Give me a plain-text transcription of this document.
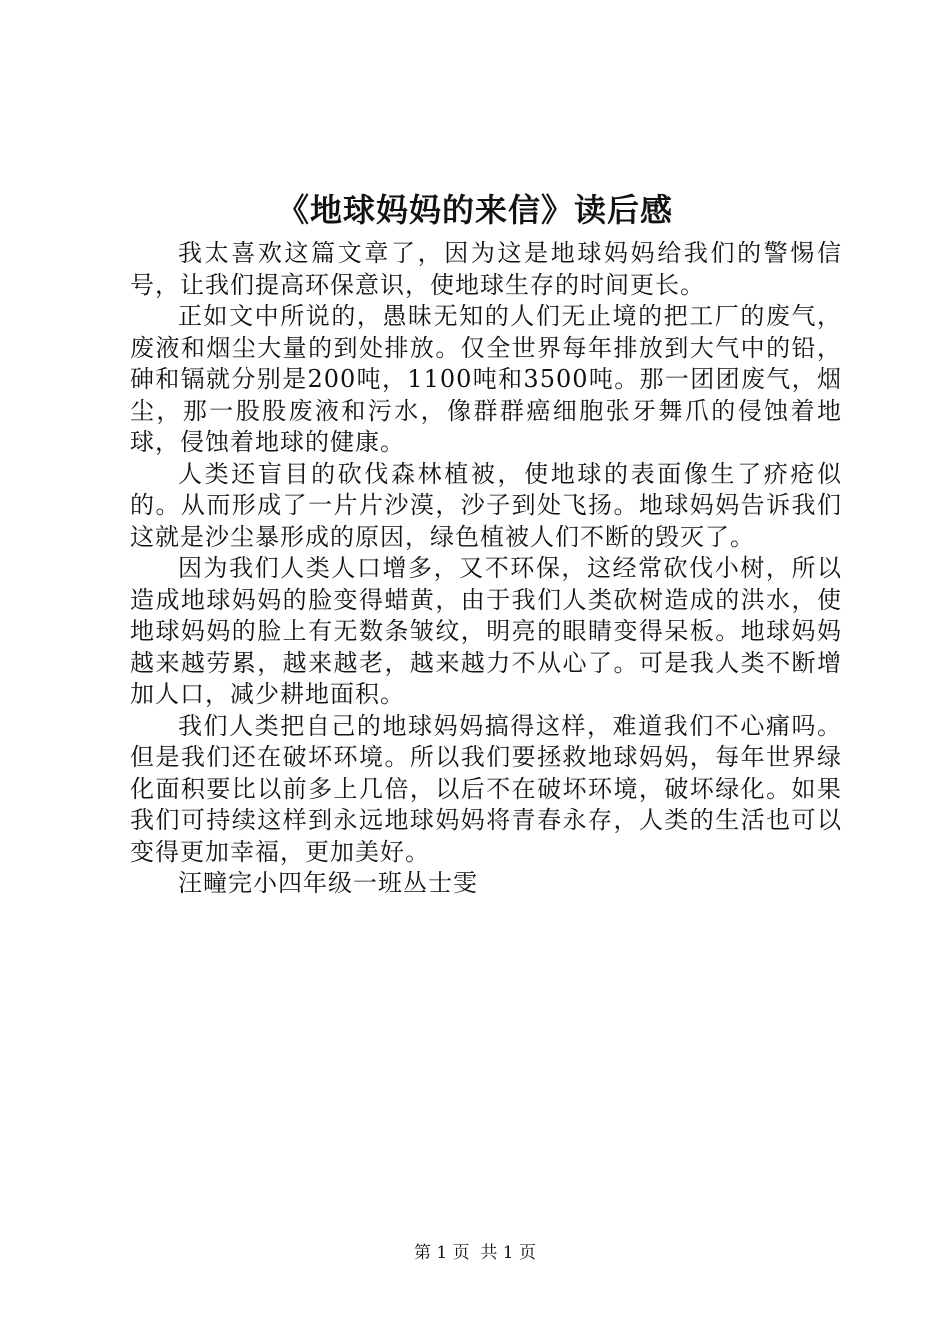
《地球妈妈的来信》读后感

我太喜欢这篇文章了，因为这是地球妈妈给我们的警惕信号，让我们提高环保意识，使地球生存的时间更长。

正如文中所说的，愚昧无知的人们无止境的把工厂的废气，废液和烟尘大量的到处排放。仅全世界每年排放到大气中的铅，砷和镉就分别是200吨，1100吨和3500吨。那一团团废气，烟尘，那一股股废液和污水，像群群癌细胞张牙舞爪的侵蚀着地球，侵蚀着地球的健康。

人类还盲目的砍伐森林植被，使地球的表面像生了疥疮似的。从而形成了一片片沙漠，沙子到处飞扬。地球妈妈告诉我们这就是沙尘暴形成的原因，绿色植被人们不断的毁灭了。

因为我们人类人口增多，又不环保，这经常砍伐小树，所以造成地球妈妈的脸变得蜡黄，由于我们人类砍树造成的洪水，使地球妈妈的脸上有无数条皱纹，明亮的眼睛变得呆板。地球妈妈越来越劳累，越来越老，越来越力不从心了。可是我人类不断增加人口，减少耕地面积。

我们人类把自己的地球妈妈搞得这样，难道我们不心痛吗。但是我们还在破坏环境。所以我们要拯救地球妈妈，每年世界绿化面积要比以前多上几倍，以后不在破坏环境，破坏绿化。如果我们可持续这样到永远地球妈妈将青春永存，人类的生活也可以变得更加幸福，更加美好。

汪疃完小四年级一班丛士雯

第 1 页 共 1 页
